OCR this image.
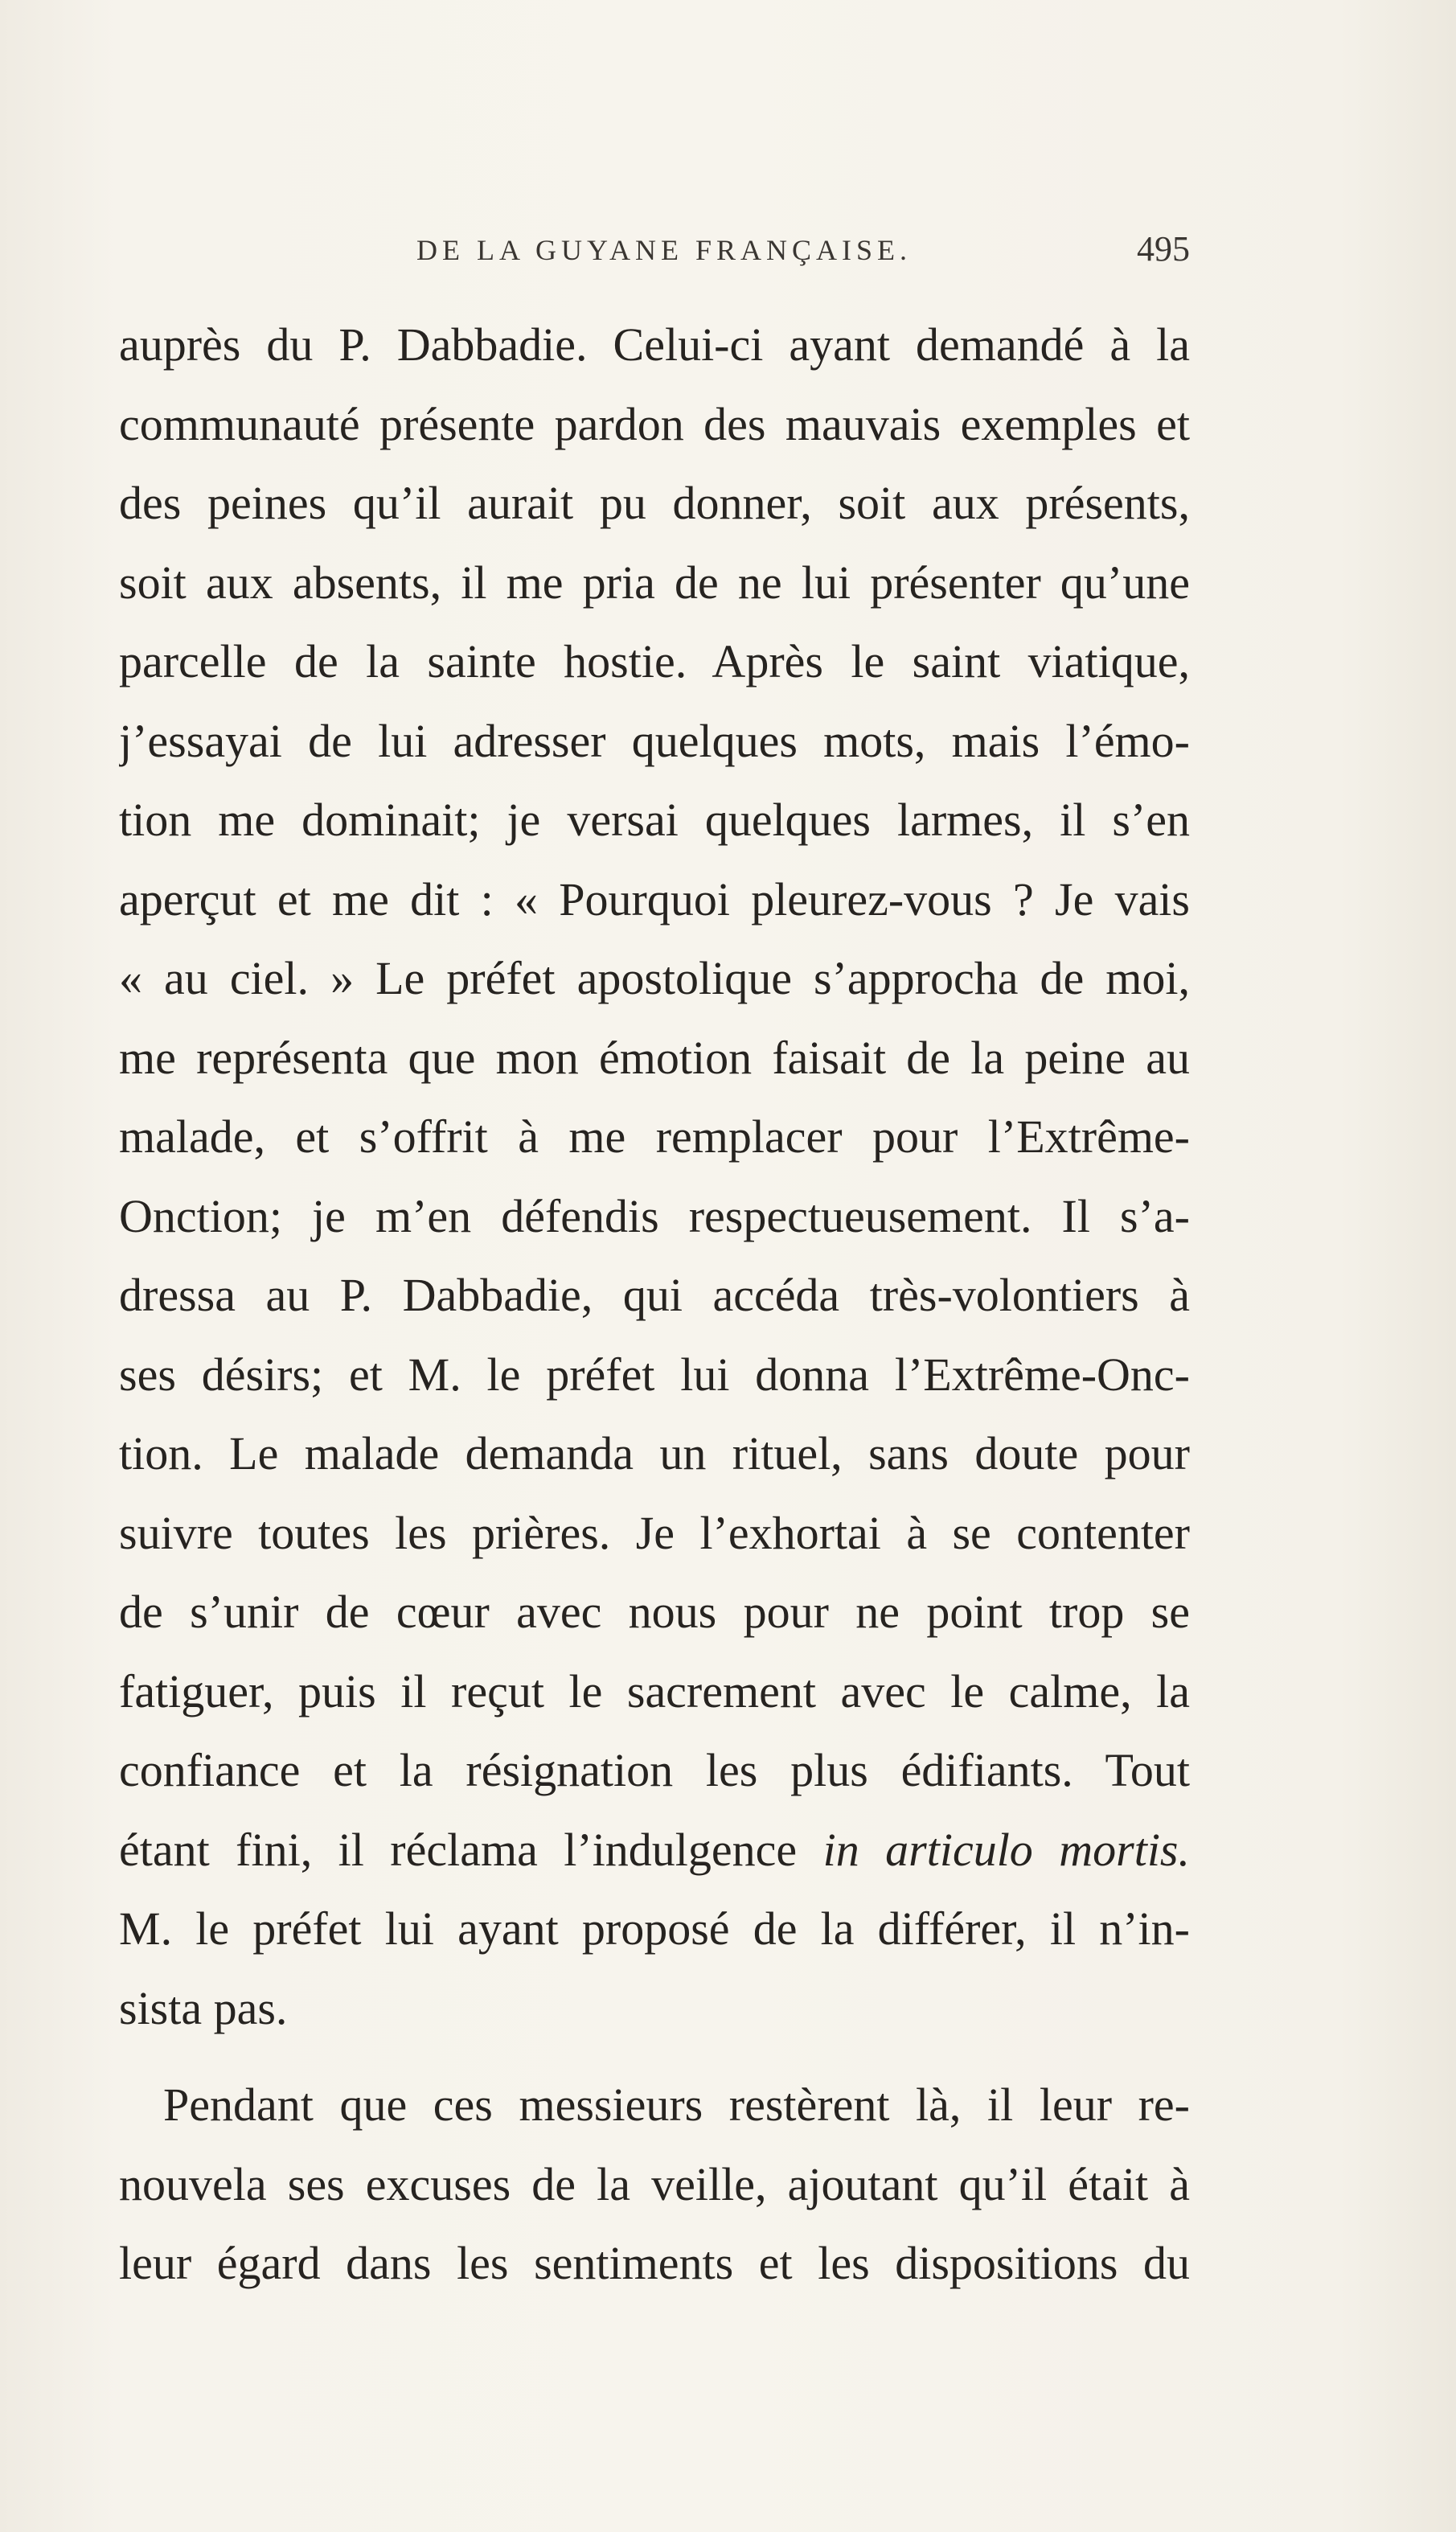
DE LA GUYANE FRANÇAISE.	495
auprès du P. Dabbadie. Celui-ci ayant demandé à la
communauté présente pardon des mauvais exemples et
des peines qu’il aurait pu donner, soit aux présents,
soit aux absents, il me pria de ne lui présenter qu’une
parcelle de la sainte hostie. Après le saint viatique,
j’essayai de lui adresser quelques mots, mais l’émo-
tion me dominait; je versai quelques larmes, il s’en
aperçut et me dit : « Pourquoi pleurez-vous ? Je vais
« au ciel. » Le préfet apostolique s’approcha de moi,
me représenta que mon émotion faisait de la peine au
malade, et s’offrit à me remplacer pour l’Extrême-
Onction; je m’en défendis respectueusement. Il s’a-
dressa au P. Dabbadie, qui accéda très-volontiers à
ses désirs; et M. le préfet lui donna l’Extrême-Onc-
tion. Le malade demanda un rituel, sans doute pour
suivre toutes les prières. Je l’exhortai à se contenter
de s’unir de cœur avec nous pour ne point trop se
fatiguer, puis il reçut le sacrement avec le calme, la
confiance et la résignation les plus édifiants. Tout
étant fini, il réclama l’indulgence in articulo mortis.
M. le préfet lui ayant proposé de la différer, il n’in-
sista pas.
Pendant que ces messieurs restèrent là, il leur re-
nouvela ses excuses de la veille, ajoutant qu’il était à
leur égard dans les sentiments et les dispositions du
